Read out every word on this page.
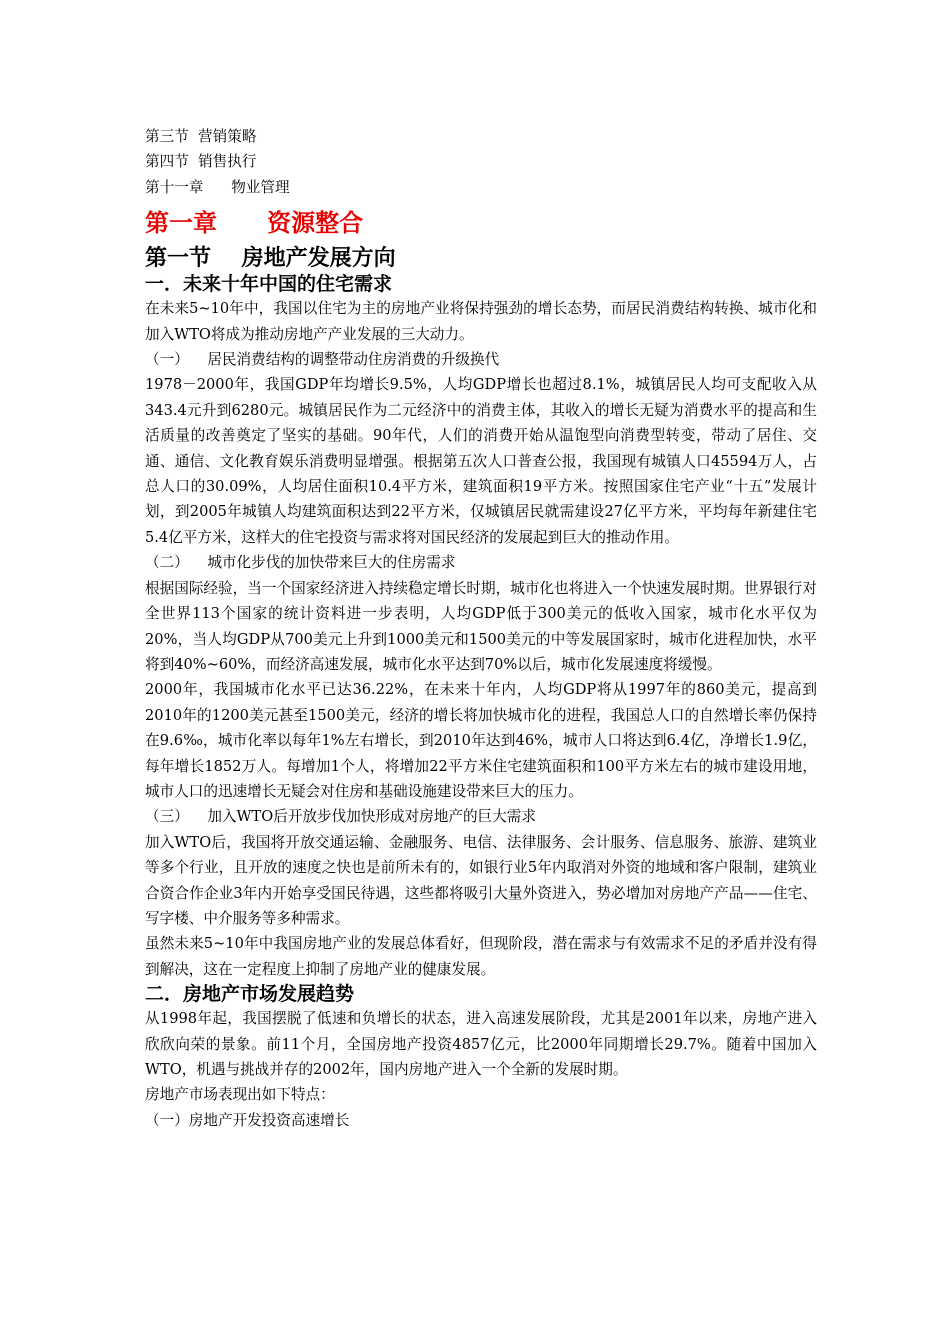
第三节  营销策略
第四节  销售执行
第十一章      物业管理
第一章      资源整合
第一节    房地产发展方向
一．未来十年中国的住宅需求

在未来5~10年中，我国以住宅为主的房地产业将保持强劲的增长态势，而居民消费结构转换、城市化和加入WTO将成为推动房地产产业发展的三大动力。

（一）    居民消费结构的调整带动住房消费的升级换代

1978－2000年，我国GDP年均增长9.5%，人均GDP增长也超过8.1%，城镇居民人均可支配收入从343.4元升到6280元。城镇居民作为二元经济中的消费主体，其收入的增长无疑为消费水平的提高和生活质量的改善奠定了坚实的基础。90年代，人们的消费开始从温饱型向消费型转变，带动了居住、交通、通信、文化教育娱乐消费明显增强。根据第五次人口普查公报，我国现有城镇人口45594万人，占总人口的30.09%，人均居住面积10.4平方米，建筑面积19平方米。按照国家住宅产业“十五”发展计划，到2005年城镇人均建筑面积达到22平方米，仅城镇居民就需建设27亿平方米，平均每年新建住宅5.4亿平方米，这样大的住宅投资与需求将对国民经济的发展起到巨大的推动作用。

（二）    城市化步伐的加快带来巨大的住房需求

根据国际经验，当一个国家经济进入持续稳定增长时期，城市化也将进入一个快速发展时期。世界银行对全世界113个国家的统计资料进一步表明，人均GDP低于300美元的低收入国家，城市化水平仅为20%，当人均GDP从700美元上升到1000美元和1500美元的中等发展国家时，城市化进程加快，水平将到40%~60%，而经济高速发展，城市化水平达到70%以后，城市化发展速度将缓慢。

2000年，我国城市化水平已达36.22%，在未来十年内，人均GDP将从1997年的860美元，提高到2010年的1200美元甚至1500美元，经济的增长将加快城市化的进程，我国总人口的自然增长率仍保持在9.6‰，城市化率以每年1%左右增长，到2010年达到46%，城市人口将达到6.4亿，净增长1.9亿，每年增长1852万人。每增加1个人，将增加22平方米住宅建筑面积和100平方米左右的城市建设用地，城市人口的迅速增长无疑会对住房和基础设施建设带来巨大的压力。

（三）    加入WTO后开放步伐加快形成对房地产的巨大需求

加入WTO后，我国将开放交通运输、金融服务、电信、法律服务、会计服务、信息服务、旅游、建筑业等多个行业，且开放的速度之快也是前所未有的，如银行业5年内取消对外资的地域和客户限制，建筑业合资合作企业3年内开始享受国民待遇，这些都将吸引大量外资进入，势必增加对房地产产品——住宅、写字楼、中介服务等多种需求。

虽然未来5~10年中我国房地产业的发展总体看好，但现阶段，潜在需求与有效需求不足的矛盾并没有得到解决，这在一定程度上抑制了房地产业的健康发展。

二．房地产市场发展趋势

从1998年起，我国摆脱了低速和负增长的状态，进入高速发展阶段，尤其是2001年以来，房地产进入欣欣向荣的景象。前11个月，全国房地产投资4857亿元，比2000年同期增长29.7%。随着中国加入WTO，机遇与挑战并存的2002年，国内房地产进入一个全新的发展时期。

房地产市场表现出如下特点：

（一）房地产开发投资高速增长
